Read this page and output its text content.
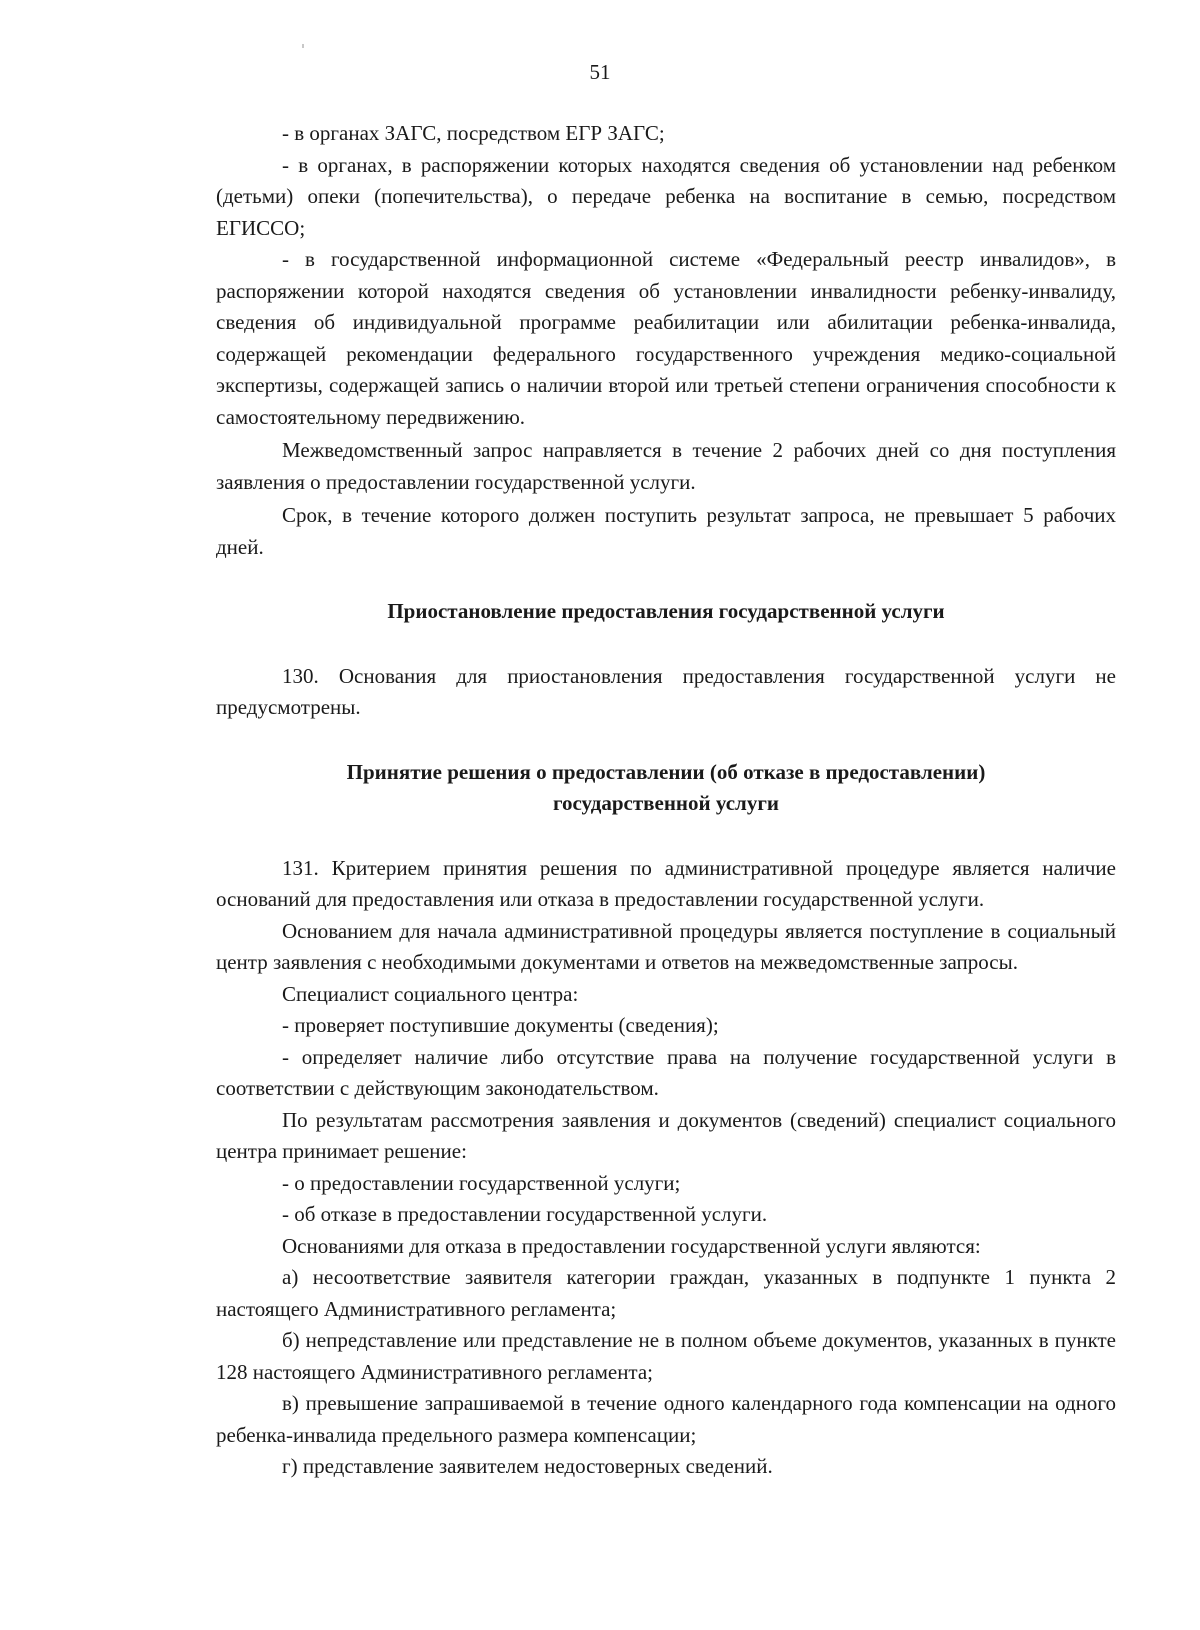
51

- в органах ЗАГС, посредством ЕГР ЗАГС;

- в органах, в распоряжении которых находятся сведения об установлении над ребенком (детьми) опеки (попечительства), о передаче ребенка на воспитание в семью, посредством ЕГИССО;

- в государственной информационной системе «Федеральный реестр инвалидов», в распоряжении которой находятся сведения об установлении инвалидности ребенку-инвалиду, сведения об индивидуальной программе реабилитации или абилитации ребенка-инвалида, содержащей рекомендации федерального государственного учреждения медико-социальной экспертизы, содержащей запись о наличии второй или третьей степени ограничения способности к самостоятельному передвижению.

Межведомственный запрос направляется в течение 2 рабочих дней со дня поступления заявления о предоставлении государственной услуги.

Срок, в течение которого должен поступить результат запроса, не превышает 5 рабочих дней.

Приостановление предоставления государственной услуги

130. Основания для приостановления предоставления государственной услуги не предусмотрены.

Принятие решения о предоставлении (об отказе в предоставлении)
государственной услуги

131. Критерием принятия решения по административной процедуре является наличие оснований для предоставления или отказа в предоставлении государственной услуги.

Основанием для начала административной процедуры является поступление в социальный центр заявления с необходимыми документами и ответов на межведомственные запросы.

Специалист социального центра:

- проверяет поступившие документы (сведения);

- определяет наличие либо отсутствие права на получение государственной услуги в соответствии с действующим законодательством.

По результатам рассмотрения заявления и документов (сведений) специалист социального центра принимает решение:

- о предоставлении государственной услуги;

- об отказе в предоставлении государственной услуги.

Основаниями для отказа в предоставлении государственной услуги являются:

а) несоответствие заявителя категории граждан, указанных в подпункте 1 пункта 2 настоящего Административного регламента;

б) непредставление или представление не в полном объеме документов, указанных в пункте 128 настоящего Административного регламента;

в) превышение запрашиваемой в течение одного календарного года компенсации на одного ребенка-инвалида предельного размера компенсации;

г) представление заявителем недостоверных сведений.
